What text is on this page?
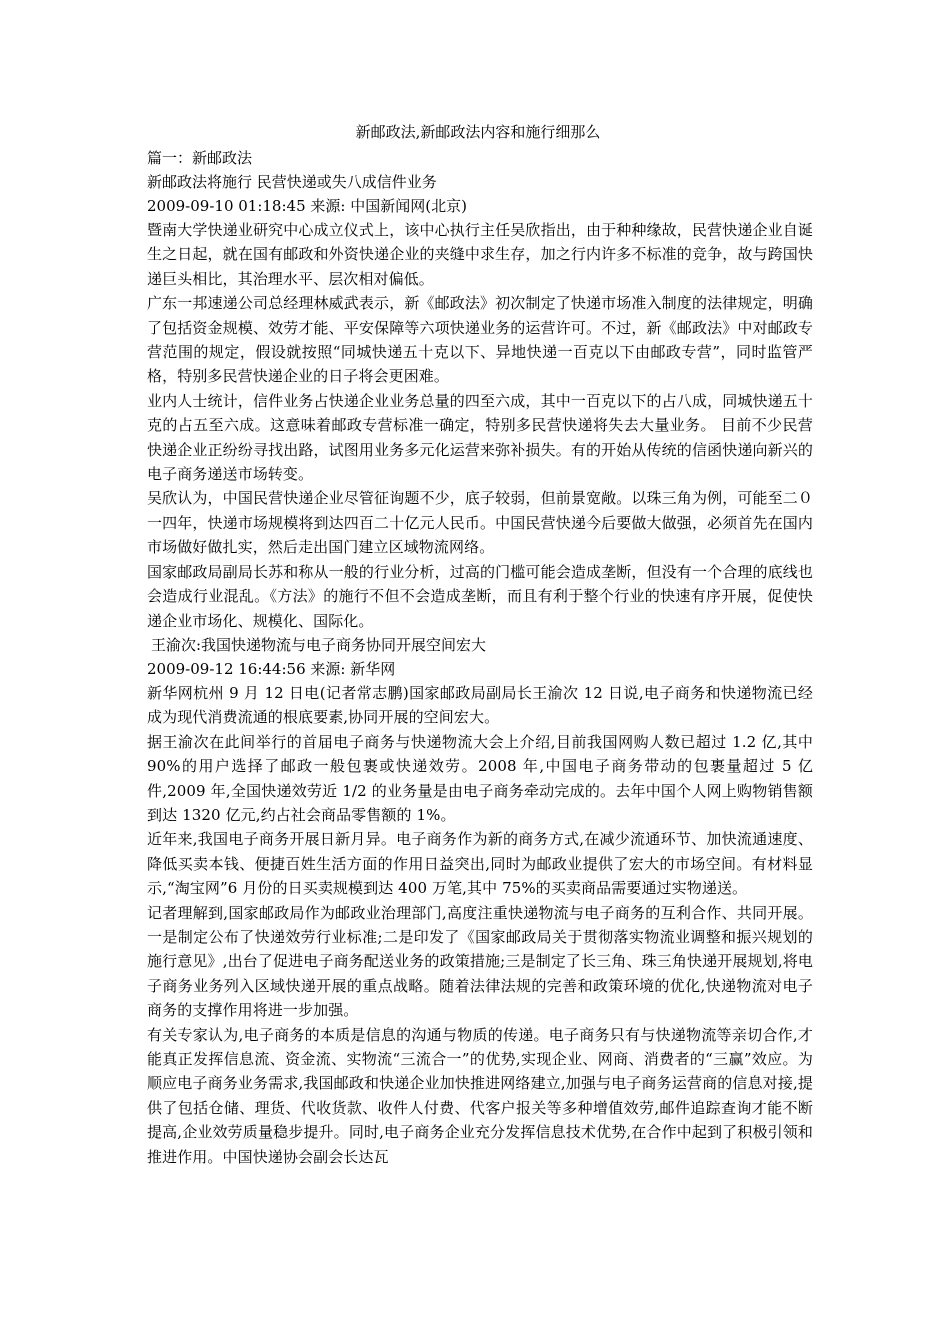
新邮政法,新邮政法内容和施行细那么
篇一：新邮政法
新邮政法将施行 民营快递或失八成信件业务
2009-09-10 01:18:45 来源: 中国新闻网(北京)
暨南大学快递业研究中心成立仪式上，该中心执行主任吴欣指出，由于种种缘故，民营快递企业自诞生之日起，就在国有邮政和外资快递企业的夹缝中求生存，加之行内许多不标准的竞争，故与跨国快递巨头相比，其治理水平、层次相对偏低。
广东一邦速递公司总经理林威武表示，新《邮政法》初次制定了快递市场准入制度的法律规定，明确了包括资金规模、效劳才能、平安保障等六项快递业务的运营许可。不过，新《邮政法》中对邮政专营范围的规定，假设就按照“同城快递五十克以下、异地快递一百克以下由邮政专营”，同时监管严格，特别多民营快递企业的日子将会更困难。
业内人士统计，信件业务占快递企业业务总量的四至六成，其中一百克以下的占八成，同城快递五十克的占五至六成。这意味着邮政专营标准一确定，特别多民营快递将失去大量业务。 目前不少民营快递企业正纷纷寻找出路，试图用业务多元化运营来弥补损失。有的开始从传统的信函快递向新兴的电子商务递送市场转变。
吴欣认为，中国民营快递企业尽管征询题不少，底子较弱，但前景宽敞。以珠三角为例，可能至二０一四年，快递市场规模将到达四百二十亿元人民币。中国民营快递今后要做大做强，必须首先在国内市场做好做扎实，然后走出国门建立区域物流网络。
国家邮政局副局长苏和称从一般的行业分析，过高的门槛可能会造成垄断，但没有一个合理的底线也会造成行业混乱。《方法》的施行不但不会造成垄断，而且有利于整个行业的快速有序开展，促使快递企业市场化、规模化、国际化。
王渝次:我国快递物流与电子商务协同开展空间宏大
2009-09-12 16:44:56 来源: 新华网
新华网杭州 9 月 12 日电(记者常志鹏)国家邮政局副局长王渝次 12 日说,电子商务和快递物流已经成为现代消费流通的根底要素,协同开展的空间宏大。
据王渝次在此间举行的首届电子商务与快递物流大会上介绍,目前我国网购人数已超过 1.2 亿,其中 90%的用户选择了邮政一般包裹或快递效劳。2008 年,中国电子商务带动的包裹量超过 5 亿件,2009 年,全国快递效劳近 1/2 的业务量是由电子商务牵动完成的。去年中国个人网上购物销售额到达 1320 亿元,约占社会商品零售额的 1%。
近年来,我国电子商务开展日新月异。电子商务作为新的商务方式,在减少流通环节、加快流通速度、降低买卖本钱、便捷百姓生活方面的作用日益突出,同时为邮政业提供了宏大的市场空间。有材料显示,“淘宝网”6 月份的日买卖规模到达 400 万笔,其中 75%的买卖商品需要通过实物递送。
记者理解到,国家邮政局作为邮政业治理部门,高度注重快递物流与电子商务的互利合作、共同开展。一是制定公布了快递效劳行业标准;二是印发了《国家邮政局关于贯彻落实物流业调整和振兴规划的施行意见》,出台了促进电子商务配送业务的政策措施;三是制定了长三角、珠三角快递开展规划,将电子商务业务列入区域快递开展的重点战略。随着法律法规的完善和政策环境的优化,快递物流对电子商务的支撑作用将进一步加强。
有关专家认为,电子商务的本质是信息的沟通与物质的传递。电子商务只有与快递物流等亲切合作,才能真正发挥信息流、资金流、实物流“三流合一”的优势,实现企业、网商、消费者的“三赢”效应。为顺应电子商务业务需求,我国邮政和快递企业加快推进网络建立,加强与电子商务运营商的信息对接,提供了包括仓储、理货、代收货款、收件人付费、代客户报关等多种增值效劳,邮件追踪查询才能不断提高,企业效劳质量稳步提升。同时,电子商务企业充分发挥信息技术优势,在合作中起到了积极引领和推进作用。中国快递协会副会长达瓦
